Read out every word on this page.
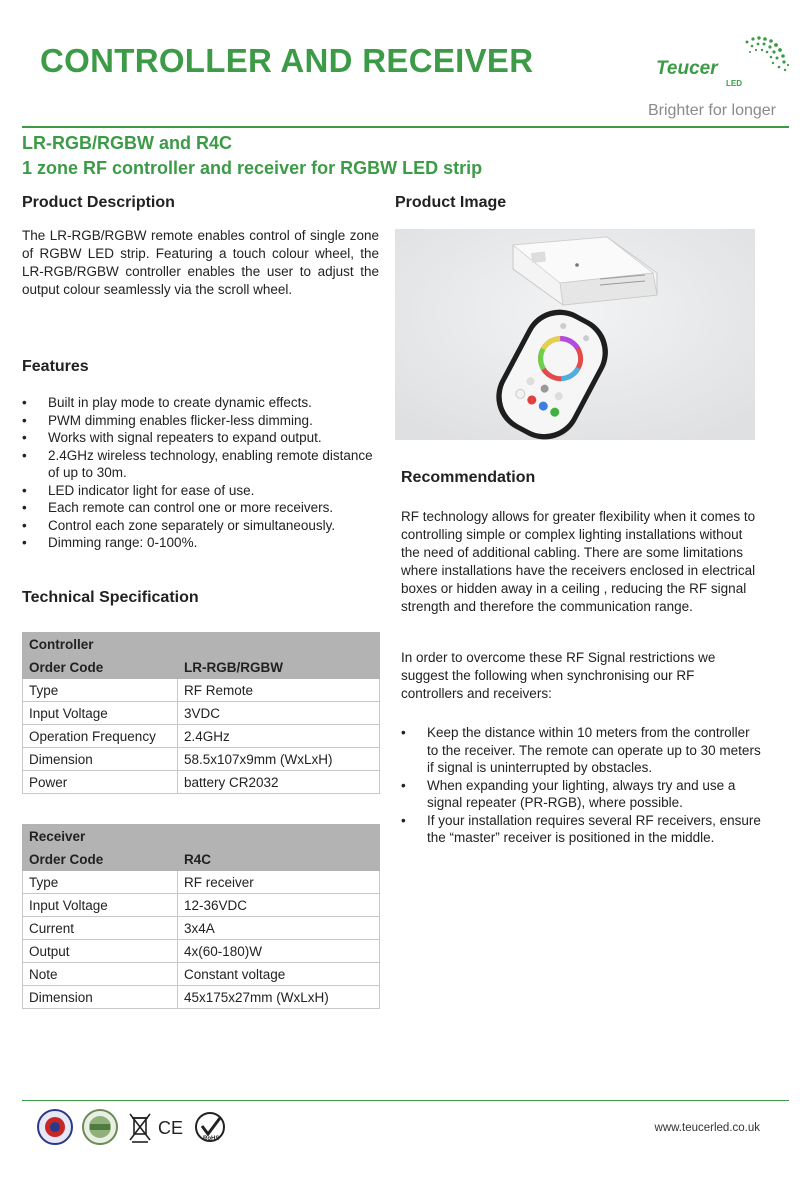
CONTROLLER AND RECEIVER	Teucer
LED
Brighter for longer
LR-RGB/RGBW and R4C
1 zone RF controller and receiver for RGBW LED strip
Product Description
The LR-RGB/RGBW remote enables control of single zone of RGBW LED strip. Featuring a touch colour wheel, the LR-RGB/RGBW controller enables the user to adjust the output colour seamlessly via the scroll wheel.
Product Image
Features
• Built in play mode to create dynamic effects.
• PWM dimming enables flicker-less dimming.
• Works with signal repeaters to expand output.
• 2.4GHz wireless technology, enabling remote distance of up to 30m.
• LED indicator light for ease of use.
• Each remote can control one or more receivers.
• Control each zone separately or simultaneously.
• Dimming range: 0-100%.
Technical Specification
Controller	
Order Code	LR-RGB/RGBW
Type	RF Remote
Input Voltage	3VDC
Operation Frequency	2.4GHz
Dimension	58.5x107x9mm (WxLxH)
Power	battery CR2032
Receiver	
Order Code	R4C
Type	RF receiver
Input Voltage	12-36VDC
Current	3x4A
Output	4x(60-180)W
Note	Constant voltage
Dimension	45x175x27mm (WxLxH)
Recommendation
RF technology allows for greater flexibility when it comes to controlling simple or complex lighting installations without the need of additional cabling. There are some limitations where installations have the receivers enclosed in electrical boxes or hidden away in a ceiling , reducing the RF signal strength and therefore the communication range.
In order to overcome these RF Signal restrictions we suggest the following when synchronising our RF controllers and receivers:
• Keep the distance within 10 meters from the controller to the receiver. The remote can operate up to 30 meters if signal is uninterrupted by obstacles.
• When expanding your lighting, always try and use a signal repeater (PR-RGB), where possible.
• If your installation requires several RF receivers, ensure the “master” receiver is positioned in the middle.
CE
RoHS
www.teucerled.co.uk
